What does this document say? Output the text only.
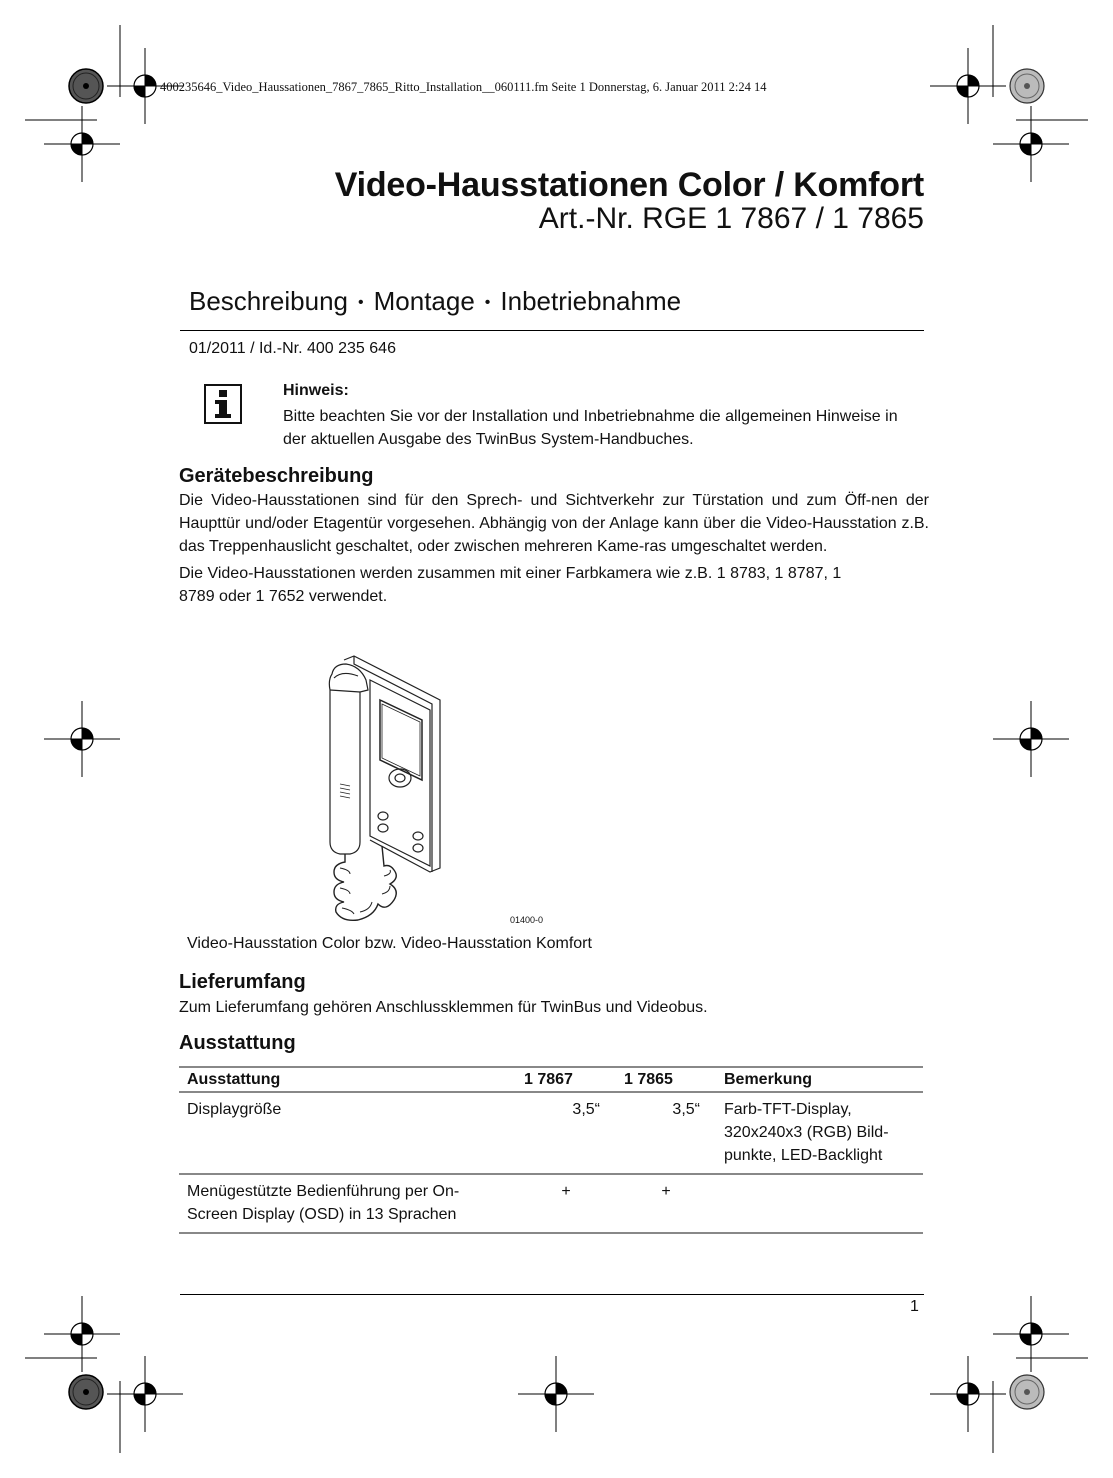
400235646_Video_Haussationen_7867_7865_Ritto_Installation__060111.fm Seite 1 Donnerstag, 6. Januar 2011 2:24 14
Video-Hausstationen Color / Komfort
Art.-Nr. RGE 1 7867 / 1 7865
Beschreibung • Montage • Inbetriebnahme
01/2011 / Id.-Nr. 400 235 646
Hinweis:
Bitte beachten Sie vor der Installation und Inbetriebnahme die allgemeinen Hinweise in der aktuellen Ausgabe des TwinBus System-Handbuches.
Gerätebeschreibung

Die Video-Hausstationen sind für den Sprech- und Sichtverkehr zur Türstation und zum Öff-nen der Haupttür und/oder Etagentür vorgesehen. Abhängig von der Anlage kann über die Video-Hausstation z.B. das Treppenhauslicht geschaltet, oder zwischen mehreren Kame-ras umgeschaltet werden.

Die Video-Hausstationen werden zusammen mit einer Farbkamera wie z.B. 1 8783, 1 8787, 1 8789 oder 1 7652 verwendet.

01400-0
Video-Hausstation Color bzw. Video-Hausstation Komfort
Lieferumfang
Zum Lieferumfang gehören Anschlussklemmen für TwinBus und Videobus.
Ausstattung
Ausstattung	1 7867	1 7865	Bemerkung
Displaygröße	3,5“	3,5“	Farb-TFT-Display, 320x240x3 (RGB) Bild-punkte, LED-Backlight
Menügestützte Bedienführung per On-Screen Display (OSD) in 13 Sprachen	+	+	
1
